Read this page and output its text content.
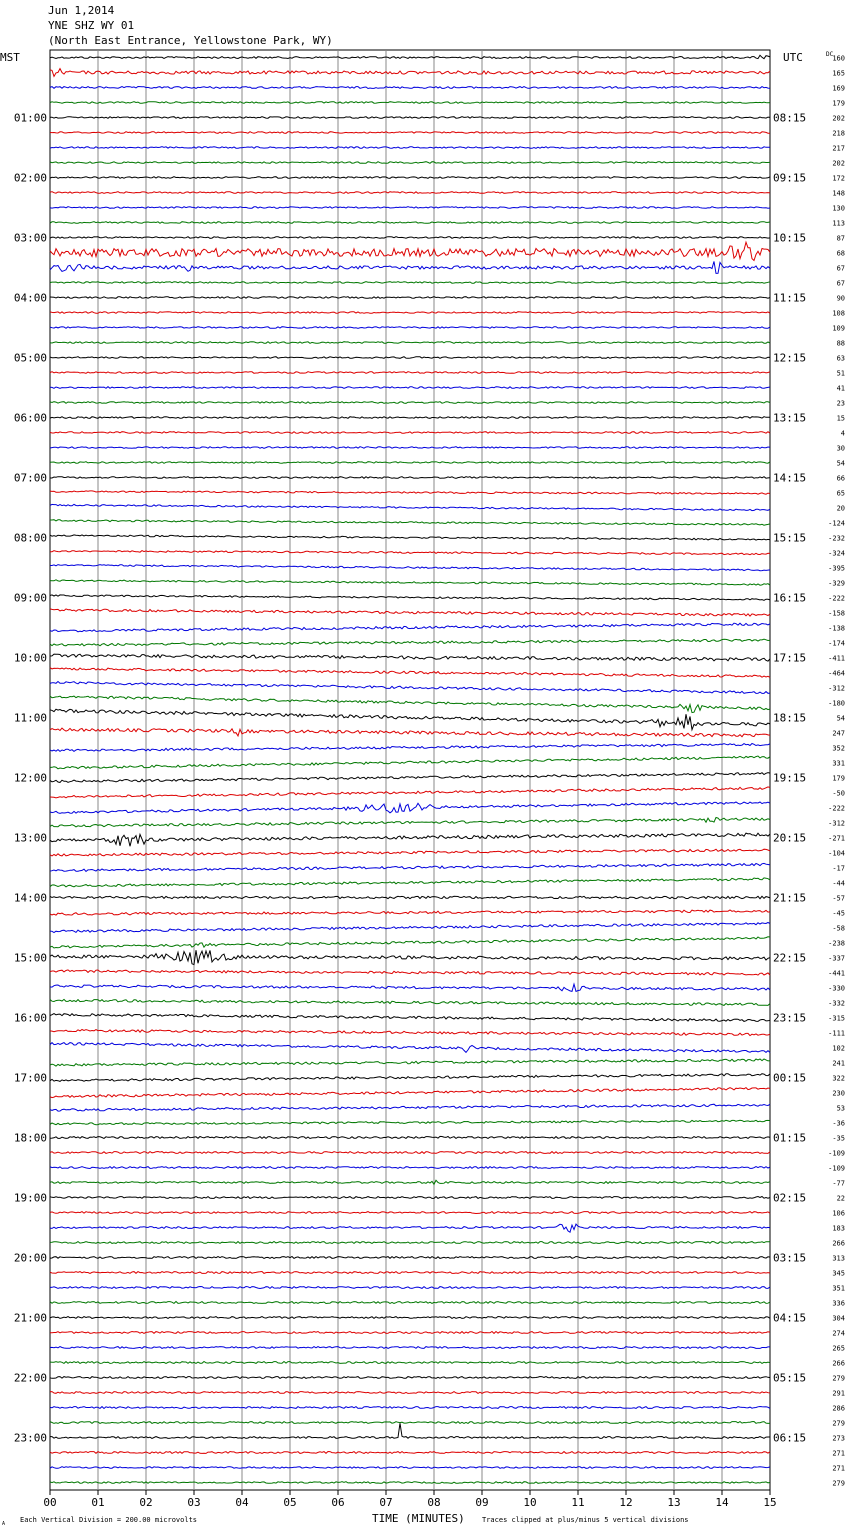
Jun 1,2014
YNE SHZ WY 01
(North East Entrance, Yellowstone Park, WY)
00	01	02	03	04	05	06	07	08	09	10	11	12	13	14	15
160
165
169
179
202
01:00	08:15
218
217
202
172
02:00	09:15
148
130
113
87
03:00	10:15
68
67
67
90
04:00	11:15
108
109
88
63
05:00	12:15
51
41
23
15
06:00	13:15
4
30
54
66
07:00	14:15
65
20
-124
-232
08:00	15:15
-324
-395
-329
-222
09:00	16:15
-158
-138
-174
-411
10:00	17:15
-464
-312
-180
54
11:00	18:15
247
352
331
179
12:00	19:15
-50
-222
-312
-271
13:00	20:15
-104
-17
-44
-57
14:00	21:15
-45
-58
-238
-337
15:00	22:15
-441
-330
-332
-315
16:00	23:15
-111
102
241
322
17:00	00:15
230
53
-36
-35
18:00	01:15
-109
-109
-77
22
19:00	02:15
106
183
266
313
20:00	03:15
345
351
336
304
21:00	04:15
274
265
266
279
22:00	05:15
291
286
279
273
23:00	06:15
271
271
279
MST	UTC	DC
TIME (MINUTES)
Each Vertical Division = 200.00 microvolts	Traces clipped at plus/minus 5 vertical divisions
A
